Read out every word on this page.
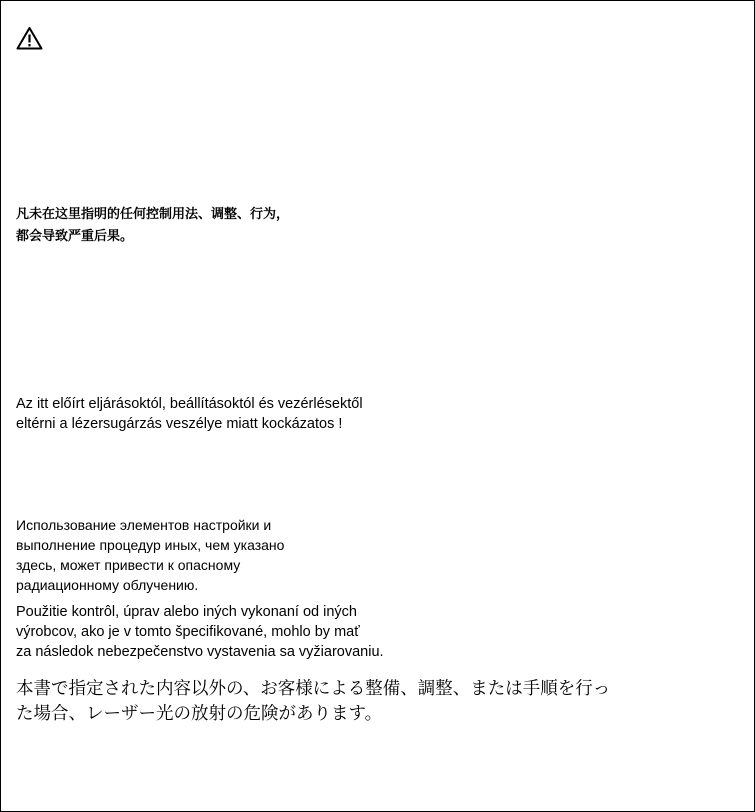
凡未在这里指明的任何控制用法、调整、行为，
都会导致严重后果。

Az itt előírt eljárásoktól, beállításoktól és vezérlésektől
eltérni a lézersugárzás veszélye miatt kockázatos !

Использование элементов настройки и
выполнение процедур иных, чем указано
здесь, может привести к опасному
радиационному облучению.

Použitie kontrôl, úprav alebo iných vykonaní od iných
výrobcov, ako je v tomto špecifikované, mohlo by mať
za následok nebezpečenstvo vystavenia sa vyžiarovaniu.

本書で指定された内容以外の、お客様による整備、調整、または手順を行っ
た場合、レーザー光の放射の危険があります。
